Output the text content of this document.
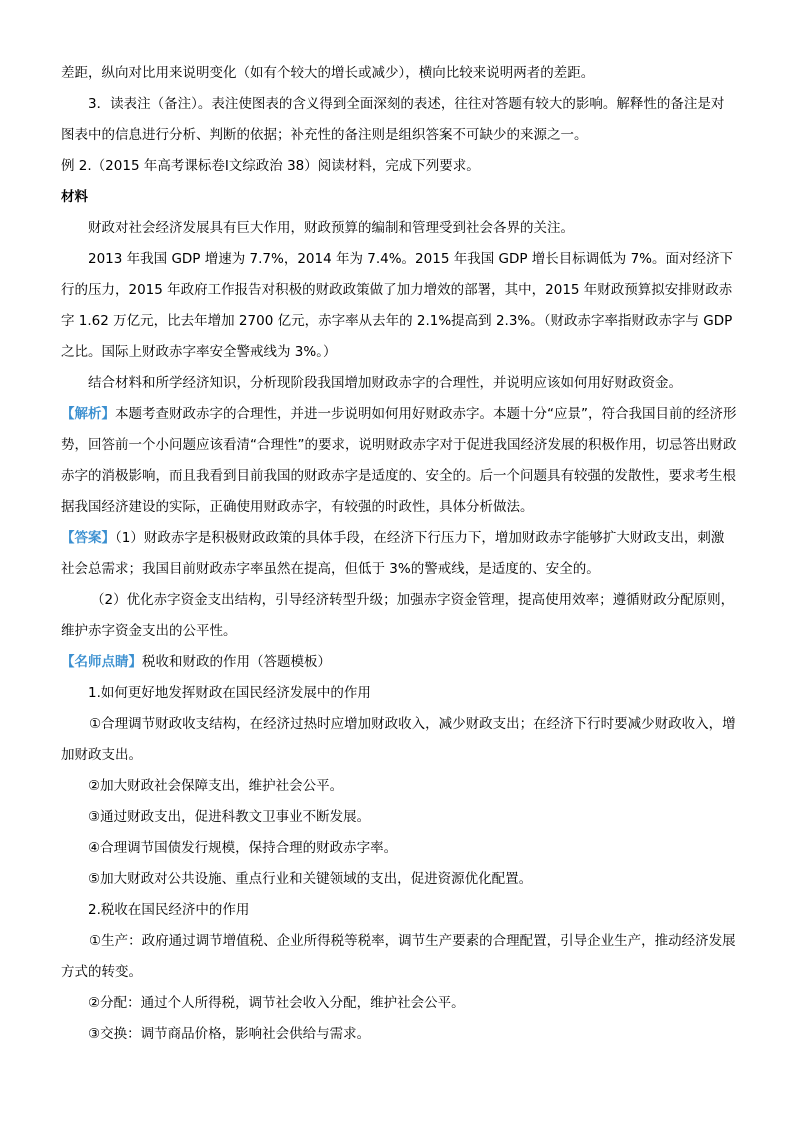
差距，纵向对比用来说明变化（如有个较大的增长或减少），横向比较来说明两者的差距。

3．读表注（备注）。表注使图表的含义得到全面深刻的表述，往往对答题有较大的影响。解释性的备注是对图表中的信息进行分析、判断的依据；补充性的备注则是组织答案不可缺少的来源之一。

例 2.（2015 年高考课标卷Ⅰ文综政治 38）阅读材料，完成下列要求。

材料

财政对社会经济发展具有巨大作用，财政预算的编制和管理受到社会各界的关注。

2013 年我国 GDP 增速为 7.7%，2014 年为 7.4%。2015 年我国 GDP 增长目标调低为 7%。面对经济下行的压力，2015 年政府工作报告对积极的财政政策做了加力增效的部署，其中，2015 年财政预算拟安排财政赤字 1.62 万亿元，比去年增加 2700 亿元，赤字率从去年的 2.1%提高到 2.3%。（财政赤字率指财政赤字与 GDP 之比。国际上财政赤字率安全警戒线为 3%。）

结合材料和所学经济知识，分析现阶段我国增加财政赤字的合理性，并说明应该如何用好财政资金。

【解析】本题考查财政赤字的合理性，并进一步说明如何用好财政赤字。本题十分“应景”，符合我国目前的经济形势，回答前一个小问题应该看清“合理性”的要求，说明财政赤字对于促进我国经济发展的积极作用，切忌答出财政赤字的消极影响，而且我看到目前我国的财政赤字是适度的、安全的。后一个问题具有较强的发散性，要求考生根据我国经济建设的实际，正确使用财政赤字，有较强的时政性，具体分析做法。

【答案】（1）财政赤字是积极财政政策的具体手段，在经济下行压力下，增加财政赤字能够扩大财政支出，刺激社会总需求；我国目前财政赤字率虽然在提高，但低于 3%的警戒线，是适度的、安全的。

（2）优化赤字资金支出结构，引导经济转型升级；加强赤字资金管理，提高使用效率；遵循财政分配原则，维护赤字资金支出的公平性。

【名师点睛】税收和财政的作用（答题模板）

1.如何更好地发挥财政在国民经济发展中的作用

①合理调节财政收支结构，在经济过热时应增加财政收入，减少财政支出；在经济下行时要减少财政收入，增加财政支出。

②加大财政社会保障支出，维护社会公平。

③通过财政支出，促进科教文卫事业不断发展。

④合理调节国债发行规模，保持合理的财政赤字率。

⑤加大财政对公共设施、重点行业和关键领域的支出，促进资源优化配置。

2.税收在国民经济中的作用

①生产：政府通过调节增值税、企业所得税等税率，调节生产要素的合理配置，引导企业生产，推动经济发展方式的转变。

②分配：通过个人所得税，调节社会收入分配，维护社会公平。

③交换：调节商品价格，影响社会供给与需求。
